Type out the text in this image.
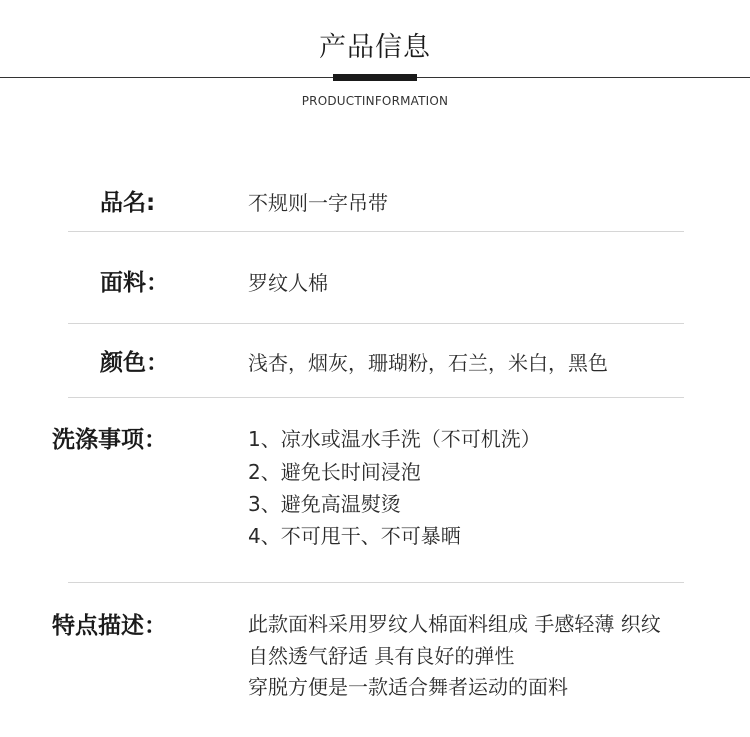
产品信息
PRODUCTINFORMATION
品名:	不规则一字吊带
面料：	罗纹人棉
颜色：	浅杏，烟灰，珊瑚粉，石兰，米白，黑色
洗涤事项：	1、凉水或温水手洗（不可机洗）
2、避免长时间浸泡
3、避免高温熨烫
4、不可甩干、不可暴晒
特点描述：	此款面料采用罗纹人棉面料组成 手感轻薄 织纹
自然透气舒适 具有良好的弹性
穿脱方便是一款适合舞者运动的面料
